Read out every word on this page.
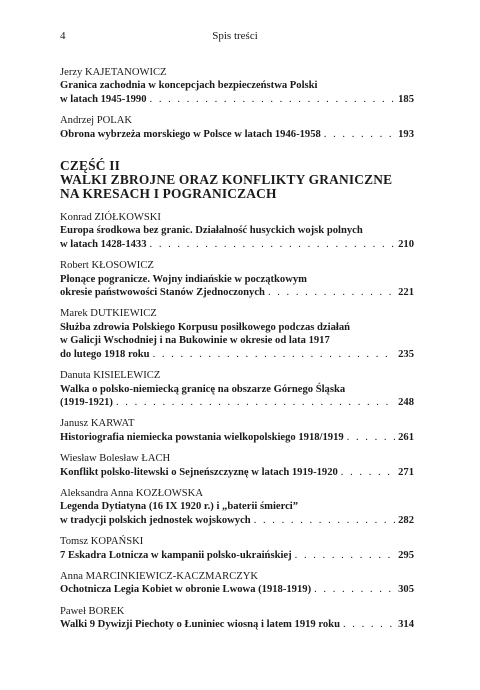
4	Spis treści
Jerzy KAJETANOWICZ
Granica zachodnia w koncepcjach bezpieczeństwa Polski
w latach 1945-1990 . . .	185
Andrzej POLAK
Obrona wybrzeża morskiego w Polsce w latach 1946-1958 . . .	193
CZĘŚĆ II
WALKI ZBROJNE ORAZ KONFLIKTY GRANICZNE
NA KRESACH I POGRANICZACH
Konrad ZIÓŁKOWSKI
Europa środkowa bez granic. Działalność husyckich wojsk polnych
w latach 1428-1433 . . .	210
Robert KŁOSOWICZ
Płonące pogranicze. Wojny indiańskie w początkowym
okresie państwowości Stanów Zjednoczonych . . .	221
Marek DUTKIEWICZ
Służba zdrowia Polskiego Korpusu posiłkowego podczas działań
w Galicji Wschodniej i na Bukowinie w okresie od lata 1917
do lutego 1918 roku . . .	235
Danuta KISIELEWICZ
Walka o polsko-niemiecką granicę na obszarze Górnego Śląska
(1919-1921) . . .	248
Janusz KARWAT
Historiografia niemiecka powstania wielkopolskiego 1918/1919 . . .	261
Wiesław Bolesław ŁACH
Konflikt polsko-litewski o Sejneńszczyznę w latach 1919-1920 . . .	271
Aleksandra Anna KOZŁOWSKA
Legenda Dytiatyna (16 IX 1920 r.) i „baterii śmierci”
w tradycji polskich jednostek wojskowych . . .	282
Tomsz KOPAŃSKI
7 Eskadra Lotnicza w kampanii polsko-ukraińskiej . . .	295
Anna MARCINKIEWICZ-KACZMARCZYK
Ochotnicza Legia Kobiet w obronie Lwowa (1918-1919) . . .	305
Paweł BOREK
Walki 9 Dywizji Piechoty o Łuniniec wiosną i latem 1919 roku . . .	314
